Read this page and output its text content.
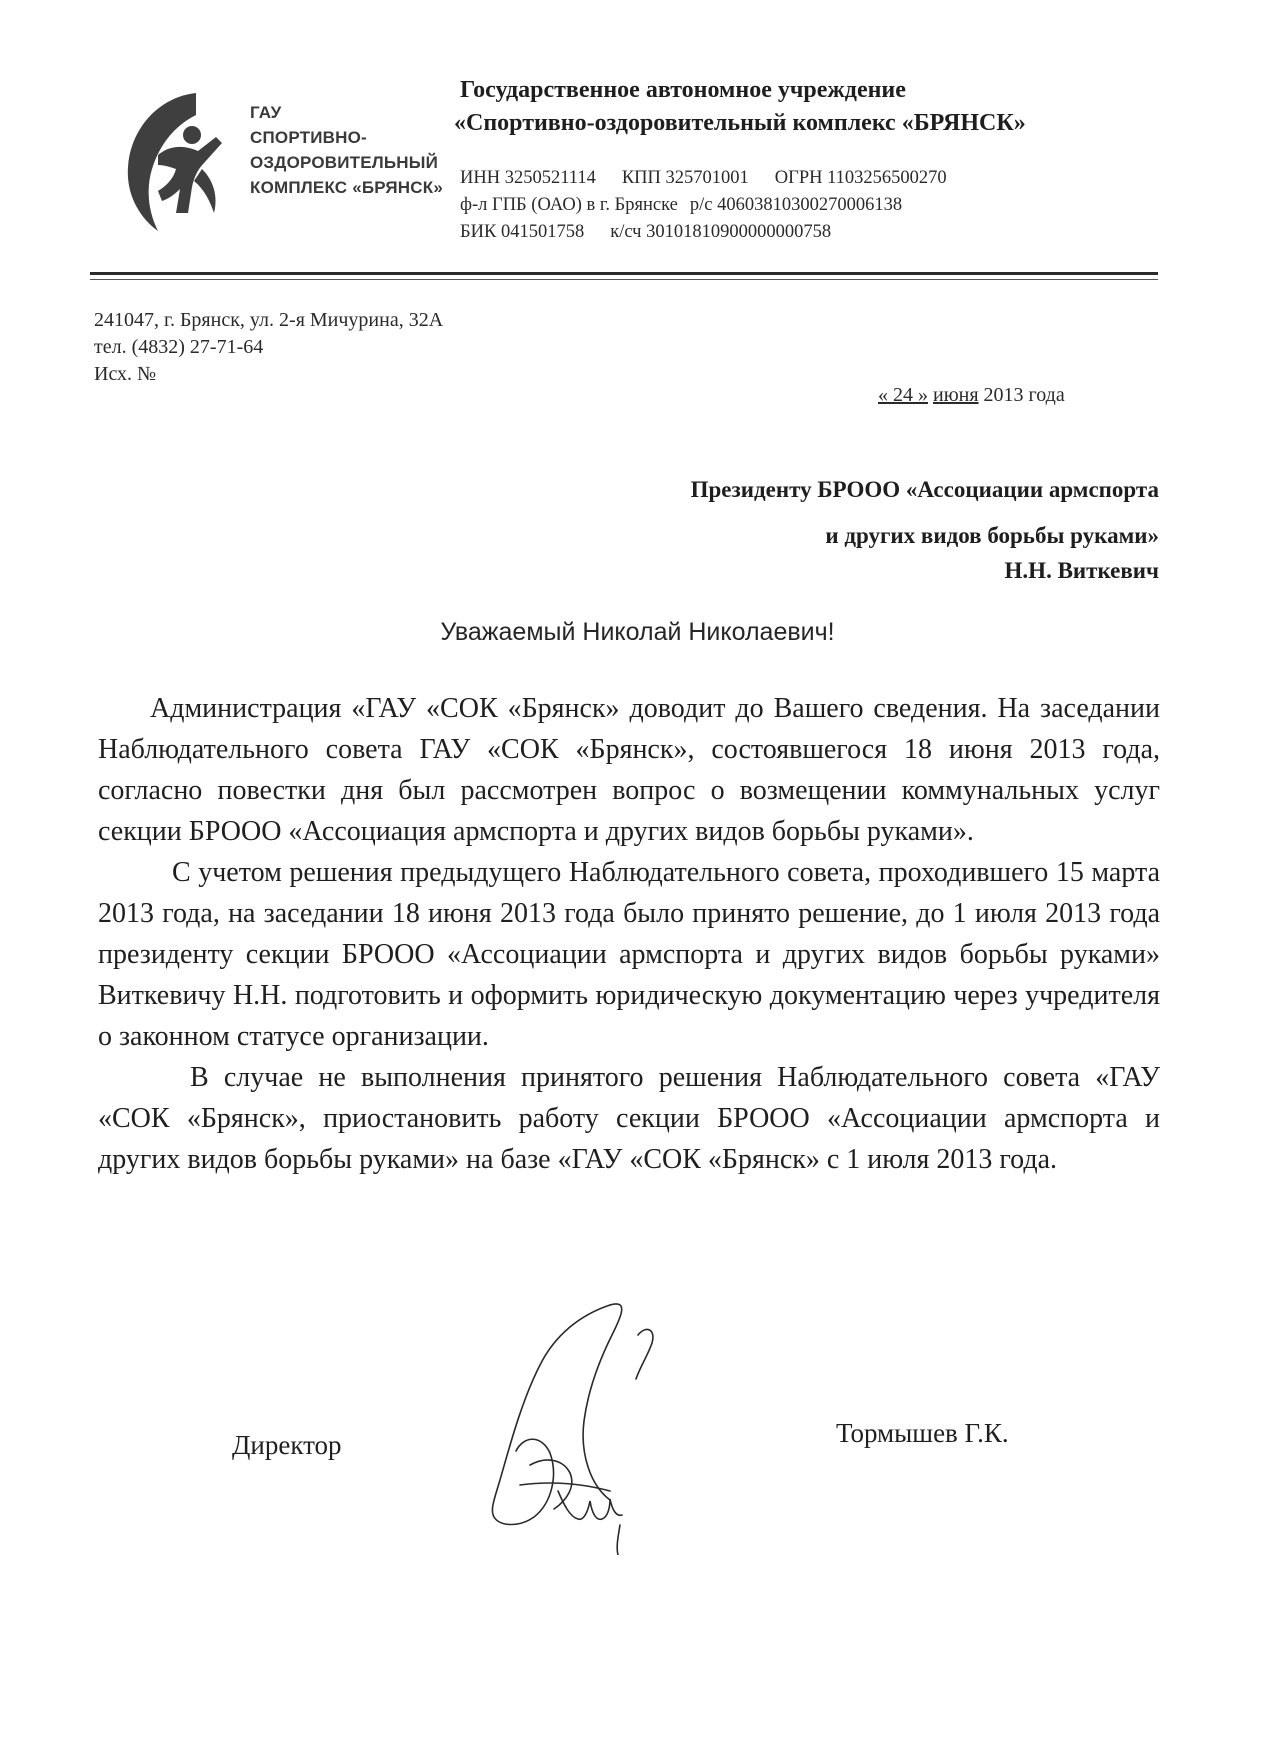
ГАУ
СПОРТИВНО-
ОЗДОРОВИТЕЛЬНЫЙ
КОМПЛЕКС «БРЯНСК»
Государственное автономное учреждение
«Спортивно-оздоровительный комплекс «БРЯНСК»
ИНН 3250521114 КПП 325701001 ОГРН 1103256500270
ф-л ГПБ (ОАО) в г. Брянске р/с 40603810300270006138
БИК 041501758 к/сч 30101810900000000758
241047, г. Брянск, ул. 2-я Мичурина, 32А
тел. (4832) 27-71-64
Исх. №
« 24 » июня 2013 года
Президенту БРООО «Ассоциации армспорта
и других видов борьбы руками»
Н.Н. Виткевич
Уважаемый Николай Николаевич!

Администрация «ГАУ «СОК «Брянск» доводит до Вашего сведения. На заседании Наблюдательного совета ГАУ «СОК «Брянск», состоявшегося 18 июня 2013 года, согласно повестки дня был рассмотрен вопрос о возмещении коммунальных услуг секции БРООО «Ассоциация армспорта и других видов борьбы руками».

С учетом решения предыдущего Наблюдательного совета, проходившего 15 марта 2013 года, на заседании 18 июня 2013 года было принято решение, до 1 июля 2013 года президенту секции БРООО «Ассоциации армспорта и других видов борьбы руками» Виткевичу Н.Н. подготовить и оформить юридическую документацию через учредителя о законном статусе организации.

В случае не выполнения принятого решения Наблюдательного совета «ГАУ «СОК «Брянск», приостановить работу секции БРООО «Ассоциации армспорта и других видов борьбы руками» на базе «ГАУ «СОК «Брянск» с 1 июля 2013 года.

Директор	Тормышев Г.К.
